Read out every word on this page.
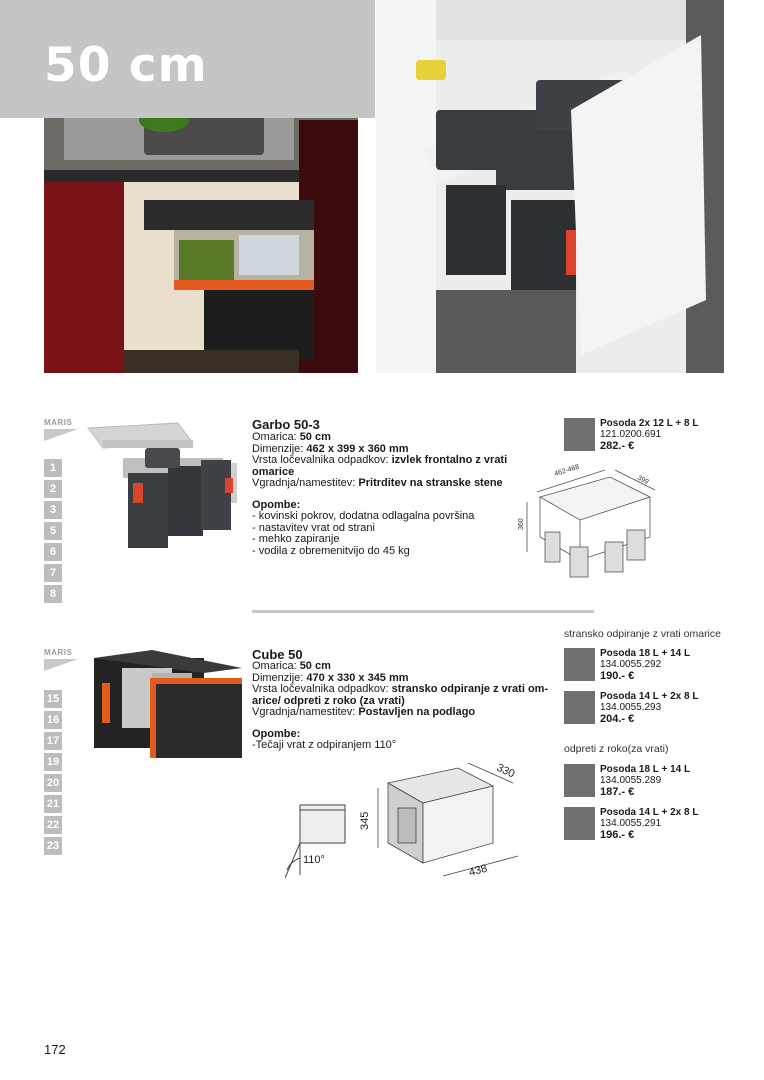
50 cm
MARIS
1
2
3
5
6
7
8
Garbo 50-3
Omarica: 50 cm
Dimenzije: 462 x 399 x 360 mm
Vrsta ločevalnika odpadkov: izvlek frontalno z vrati
omarice
Vgradnja/namestitev: Pritrditev na stranske stene
Opombe:
- kovinski pokrov, dodatna odlagalna površina
- nastavitev vrat od strani
- mehko zapiranje
- vodila z obremenitvijo do 45 kg
Posoda 2x 12 L + 8 L
121.0200.691
282.- €
462-468
399
360
MARIS
15
16
17
19
20
21
22
23
Cube 50
Omarica: 50 cm
Dimenzije: 470 x 330 x 345 mm
Vrsta ločevalnika odpadkov: stransko odpiranje z vrati om-
arice/ odpreti z roko (za vrati)
Vgradnja/namestitev: Postavljen na podlago
Opombe:
-Tečaji vrat z odpiranjem 110°
110°
345
438
330
stransko odpiranje z vrati omarice
Posoda 18 L + 14 L
134.0055.292
190.- €
Posoda 14 L + 2x 8 L
134.0055.293
204.- €
odpreti z roko(za vrati)
Posoda 18 L + 14 L
134.0055.289
187.- €
Posoda 14 L + 2x 8 L
134.0055.291
196.- €
172
